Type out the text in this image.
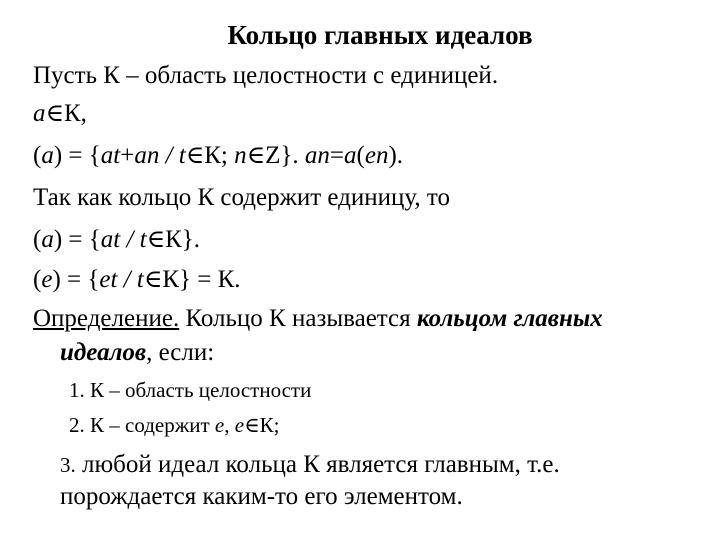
Кольцо главных идеалов
Пусть К – область целостности с единицей.
a∈К,
(a) = {at+an / t∈К; n∈Z}. an=a(en).
Так как кольцо К содержит единицу, то
(a) = {at / t∈К}.
(e) = {et / t∈К} = К.
Определение. Кольцо К называется кольцом главных
идеалов, если:
1. К – область целостности
2. К – содержит е, е∈К;
3. любой идеал кольца К является главным, т.е.
порождается каким-то его элементом.
